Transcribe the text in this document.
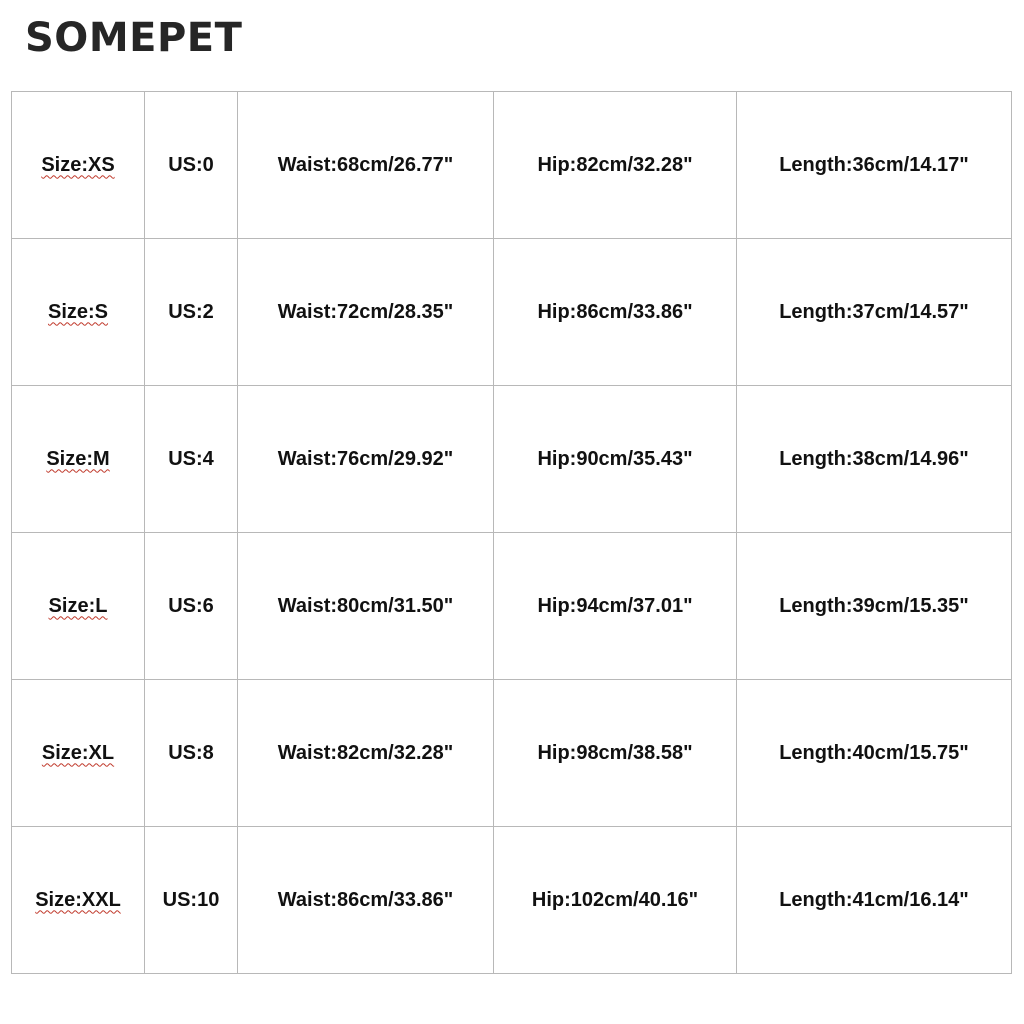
SOMEPET
Size:XS	US:0	Waist:68cm/26.77"	Hip:82cm/32.28"	Length:36cm/14.17"
Size:S	US:2	Waist:72cm/28.35"	Hip:86cm/33.86"	Length:37cm/14.57"
Size:M	US:4	Waist:76cm/29.92"	Hip:90cm/35.43"	Length:38cm/14.96"
Size:L	US:6	Waist:80cm/31.50"	Hip:94cm/37.01"	Length:39cm/15.35"
Size:XL	US:8	Waist:82cm/32.28"	Hip:98cm/38.58"	Length:40cm/15.75"
Size:XXL	US:10	Waist:86cm/33.86"	Hip:102cm/40.16"	Length:41cm/16.14"
